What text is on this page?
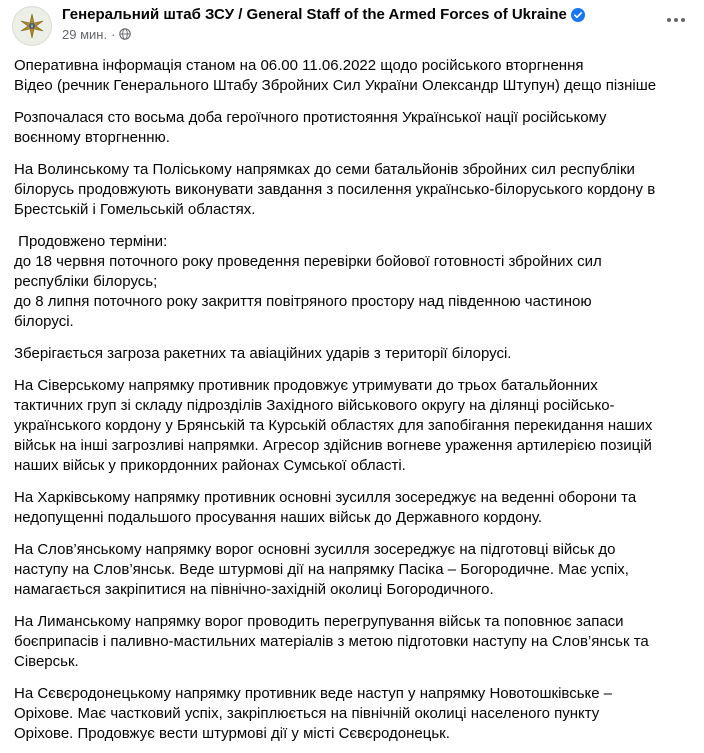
Генеральний штаб ЗСУ / General Staff of the Armed Forces of Ukraine
29 мин. ·
Оперативна інформація станом на 06.00 11.06.2022 щодо російського вторгнення
Відео (речник Генерального Штабу Збройних Сил України Олександр Штупун) дещо пізніше
Розпочалася сто восьма доба героїчного протистояння Української нації російському
воєнному вторгненню.
На Волинському та Поліському напрямках до семи батальйонів збройних сил республіки
білорусь продовжують виконувати завдання з посилення українсько-білоруського кордону в
Брестській і Гомельській областях.
Продовжено терміни:
до 18 червня поточного року проведення перевірки бойової готовності збройних сил
республіки білорусь;
до 8 липня поточного року закриття повітряного простору над південною частиною
білорусі.
Зберігається загроза ракетних та авіаційних ударів з території білорусі.
На Сіверському напрямку противник продовжує утримувати до трьох батальйонних
тактичних груп зі складу підрозділів Західного військового округу на ділянці російсько-
українського кордону у Брянській та Курській областях для запобігання перекидання наших
військ на інші загрозливі напрямки. Агресор здійснив вогневе ураження артилерією позицій
наших військ у прикордонних районах Сумської області.
На Харківському напрямку противник основні зусилля зосереджує на веденні оборони та
недопущенні подальшого просування наших військ до Державного кордону.
На Слов’янському напрямку ворог основні зусилля зосереджує на підготовці військ до
наступу на Слов’янськ. Веде штурмові дії на напрямку Пасіка – Богородичне. Має успіх,
намагається закріпитися на північно-західній околиці Богородичного.
На Лиманському напрямку ворог проводить перегрупування військ та поповнює запаси
боєприпасів і паливно-мастильних матеріалів з метою підготовки наступу на Слов’янськ та
Сіверськ.
На Сєвєродонецькому напрямку противник веде наступ у напрямку Новотошківське –
Оріхове. Має частковий успіх, закріплюється на північній околиці населеного пункту
Оріхове. Продовжує вести штурмові дії у місті Сєвєродонецьк.
